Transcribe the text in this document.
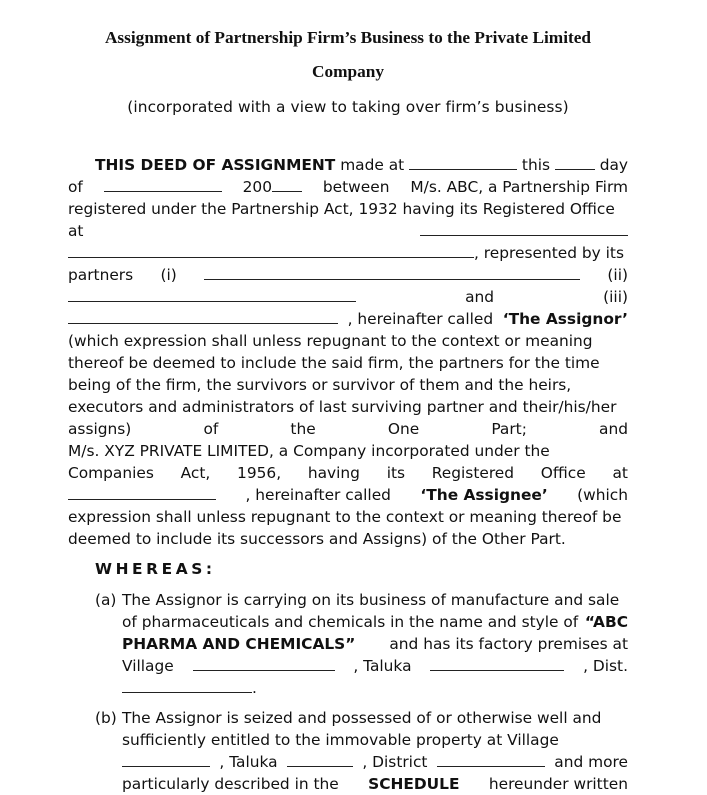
Assignment of Partnership Firm’s Business to the Private Limited
Company
(incorporated with a view to taking over firm’s business)
THIS DEED OF ASSIGNMENT made at	this	day
of	200	between M/s. ABC, a Partnership Firm
registered under the Partnership Act, 1932 having its Registered Office
at
, represented by its
partners (i)	(ii)
and	(iii)
, hereinafter called ‘The Assignor’
(which expression shall unless repugnant to the context or meaning
thereof be deemed to include the said firm, the partners for the time
being of the firm, the survivors or survivor of them and the heirs,
executors and administrators of last surviving partner and their/his/her
assigns)	of	the	One	Part;	and
M/s. XYZ PRIVATE LIMITED, a Company incorporated under the
Companies Act, 1956, having its Registered Office at
, hereinafter called ‘The Assignee’ (which
expression shall unless repugnant to the context or meaning thereof be
deemed to include its successors and Assigns) of the Other Part.
WHEREAS:
(a) The Assignor is carrying on its business of manufacture and sale
of pharmaceuticals and chemicals in the name and style of “ABC
PHARMA AND CHEMICALS” and has its factory premises at
Village	, Taluka	, Dist.
.
(b) The Assignor is seized and possessed of or otherwise well and
sufficiently entitled to the immovable property at Village
, Taluka	, District	and more
particularly described in the SCHEDULE hereunder written
